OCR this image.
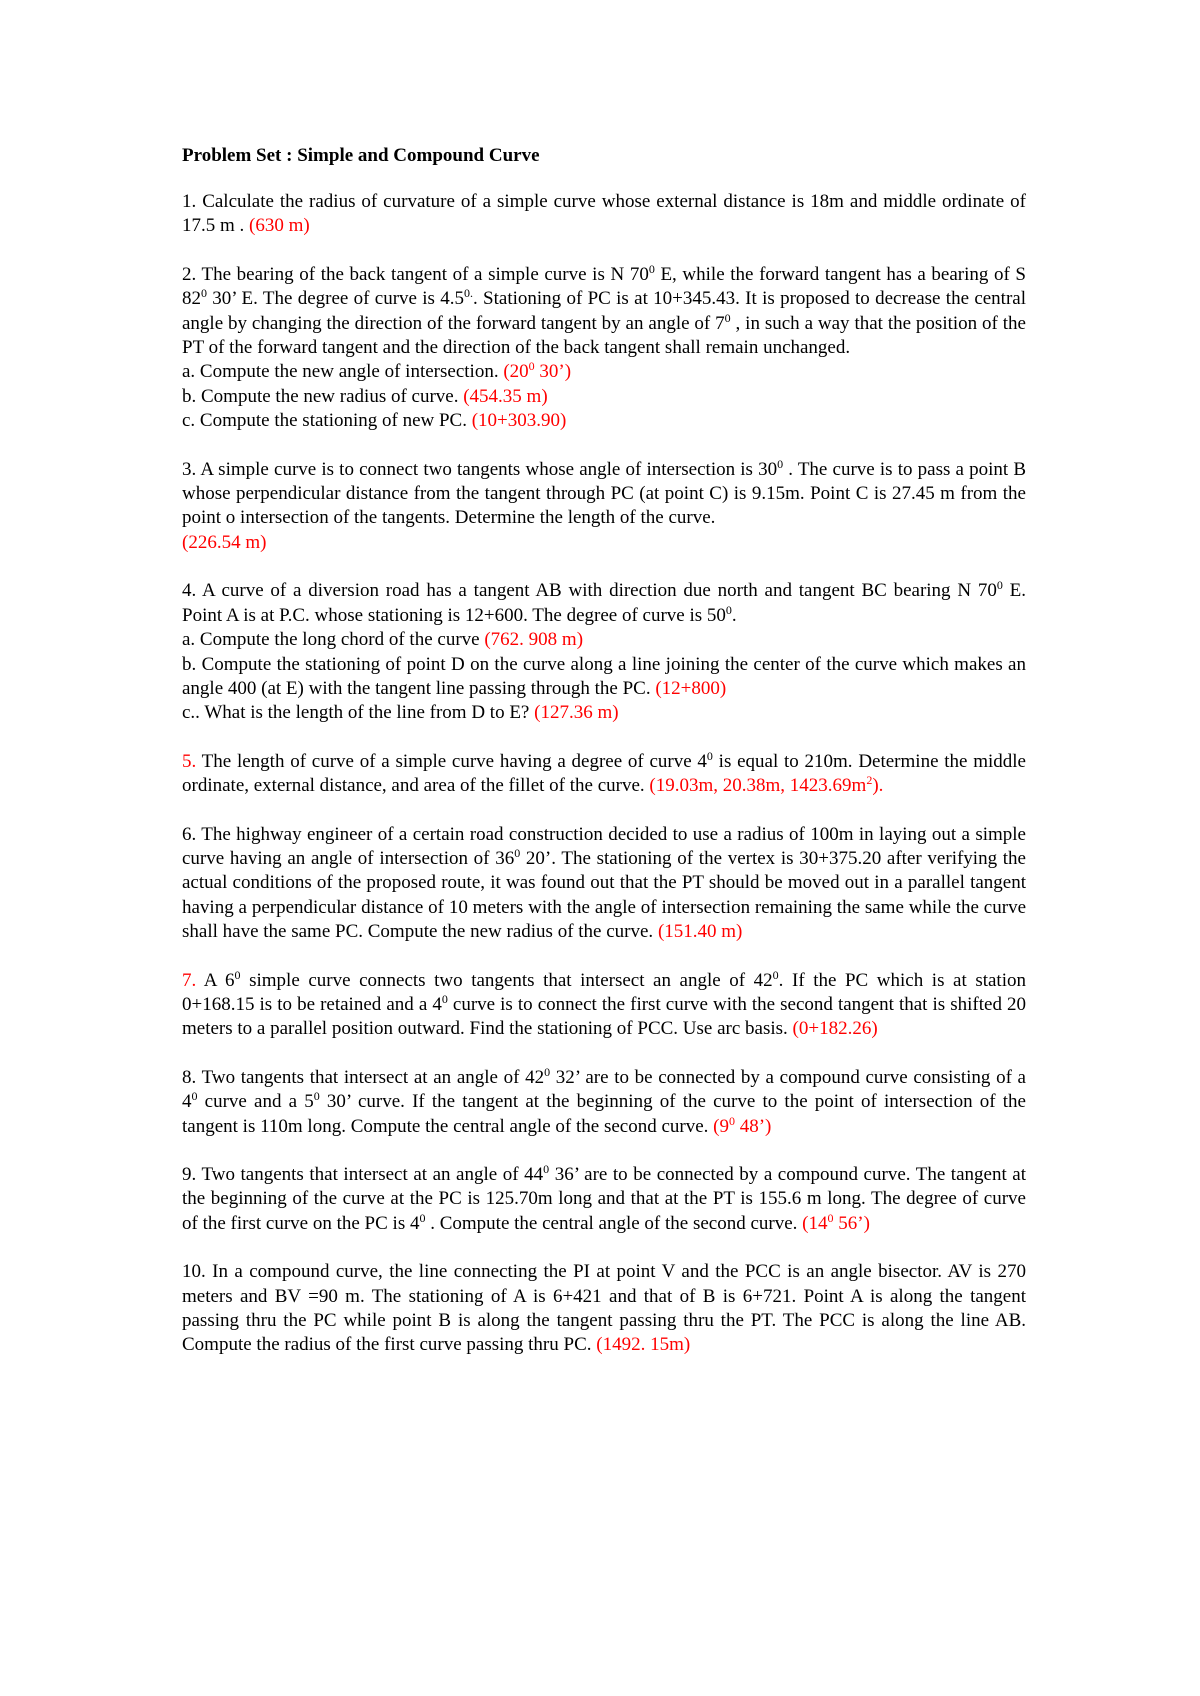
Problem Set : Simple and Compound Curve
1. Calculate the radius of curvature of a simple curve whose external distance is 18m and middle ordinate of 17.5 m . (630 m)
2. The bearing of the back tangent of a simple curve is N $70^0$ E, while the forward tangent has a bearing of S $82^0$ 30’ E. The degree of curve is $4.5^{0.}$. Stationing of PC is at 10+345.43. It is proposed to decrease the central angle by changing the direction of the forward tangent by an angle of $7^0$ , in such a way that the position of the PT of the forward tangent and the direction of the back tangent shall remain unchanged.
a. Compute the new angle of intersection. ($20^0$ 30’)
b. Compute the new radius of curve. (454.35 m)
c. Compute the stationing of new PC. (10+303.90)
3. A simple curve is to connect two tangents whose angle of intersection is $30^0$ . The curve is to pass a point B whose perpendicular distance from the tangent through PC (at point C) is 9.15m. Point C is 27.45 m from the point o intersection of the tangents. Determine the length of the curve.
(226.54 m)
4. A curve of a diversion road has a tangent AB with direction due north and tangent BC bearing N $70^0$ E. Point A is at P.C. whose stationing is 12+600. The degree of curve is $50^0$.
a. Compute the long chord of the curve (762. 908 m)
b. Compute the stationing of point D on the curve along a line joining the center of the curve which makes an angle 400 (at E) with the tangent line passing through the PC. (12+800)
c.. What is the length of the line from D to E? (127.36 m)
5. The length of curve of a simple curve having a degree of curve $4^0$ is equal to 210m. Determine the middle ordinate, external distance, and area of the fillet of the curve. (19.03m, 20.38m, $1423.69m^2$).
6. The highway engineer of a certain road construction decided to use a radius of 100m in laying out a simple curve having an angle of intersection of $36^0$ 20’. The stationing of the vertex is 30+375.20 after verifying the actual conditions of the proposed route, it was found out that the PT should be moved out in a parallel tangent having a perpendicular distance of 10 meters with the angle of intersection remaining the same while the curve shall have the same PC. Compute the new radius of the curve. (151.40 m)
7. A $6^0$ simple curve connects two tangents that intersect an angle of $42^0$. If the PC which is at station 0+168.15 is to be retained and a $4^0$ curve is to connect the first curve with the second tangent that is shifted 20 meters to a parallel position outward. Find the stationing of PCC. Use arc basis. (0+182.26)
8. Two tangents that intersect at an angle of $42^0$ 32’ are to be connected by a compound curve consisting of a $4^0$ curve and a $5^0$ 30’ curve. If the tangent at the beginning of the curve to the point of intersection of the tangent is 110m long. Compute the central angle of the second curve. ($9^0$ 48’)
9. Two tangents that intersect at an angle of $44^0$ 36’ are to be connected by a compound curve. The tangent at the beginning of the curve at the PC is 125.70m long and that at the PT is 155.6 m long. The degree of curve of the first curve on the PC is $4^0$ . Compute the central angle of the second curve. ($14^0$ 56’)
10. In a compound curve, the line connecting the PI at point V and the PCC is an angle bisector. AV is 270 meters and BV =90 m. The stationing of A is 6+421 and that of B is 6+721. Point A is along the tangent passing thru the PC while point B is along the tangent passing thru the PT. The PCC is along the line AB. Compute the radius of the first curve passing thru PC. (1492. 15m)
